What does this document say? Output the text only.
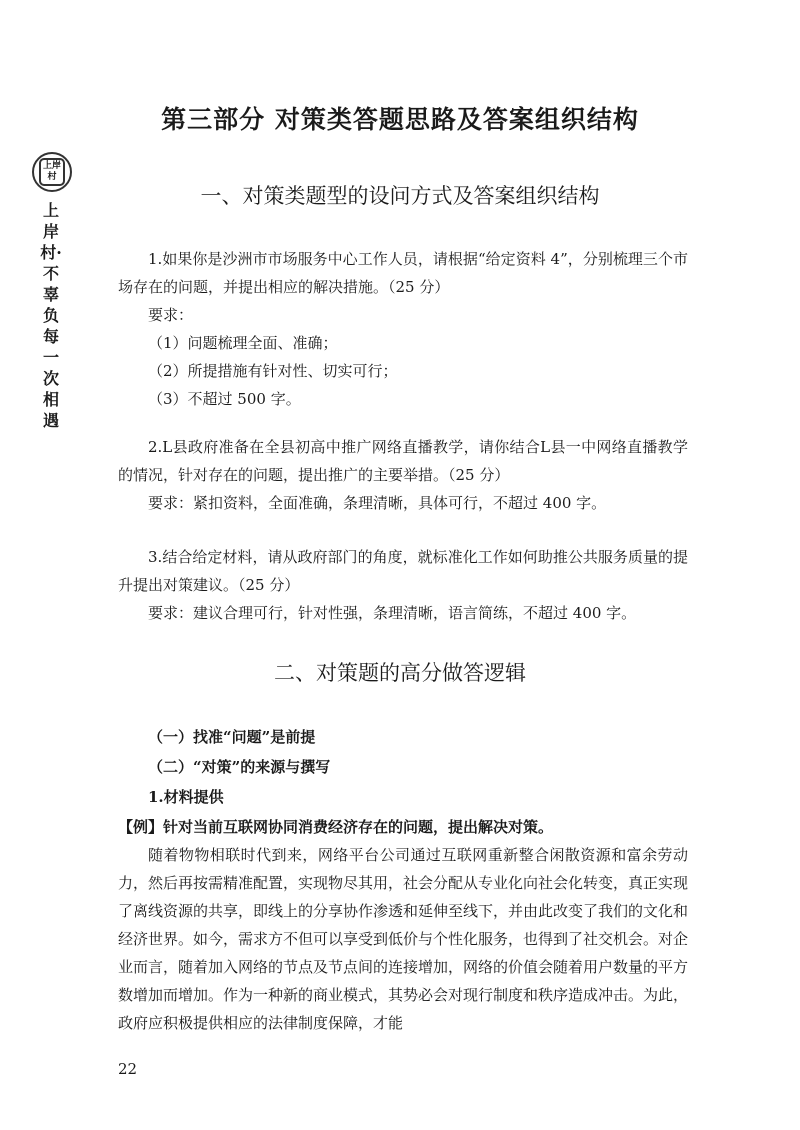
上岸村
上岸村·不辜负每一次相遇
第三部分 对策类答题思路及答案组织结构
一、对策类题型的设问方式及答案组织结构

1.如果你是沙洲市市场服务中心工作人员，请根据“给定资料 4”，分别梳理三个市场存在的问题，并提出相应的解决措施。（25 分）

要求：

（1）问题梳理全面、准确；

（2）所提措施有针对性、切实可行；

（3）不超过 500 字。

2.L县政府准备在全县初高中推广网络直播教学，请你结合L县一中网络直播教学的情况，针对存在的问题，提出推广的主要举措。（25 分）

要求：紧扣资料，全面准确，条理清晰，具体可行，不超过 400 字。

3.结合给定材料，请从政府部门的角度，就标准化工作如何助推公共服务质量的提升提出对策建议。（25 分）

要求：建议合理可行，针对性强，条理清晰，语言简练，不超过 400 字。

二、对策题的高分做答逻辑

（一）找准“问题”是前提

（二）“对策”的来源与撰写

1.材料提供

【例】针对当前互联网协同消费经济存在的问题，提出解决对策。

随着物物相联时代到来，网络平台公司通过互联网重新整合闲散资源和富余劳动力，然后再按需精准配置，实现物尽其用，社会分配从专业化向社会化转变，真正实现了离线资源的共享，即线上的分享协作渗透和延伸至线下，并由此改变了我们的文化和经济世界。如今，需求方不但可以享受到低价与个性化服务，也得到了社交机会。对企业而言，随着加入网络的节点及节点间的连接增加，网络的价值会随着用户数量的平方数增加而增加。作为一种新的商业模式，其势必会对现行制度和秩序造成冲击。为此，政府应积极提供相应的法律制度保障，才能

22
